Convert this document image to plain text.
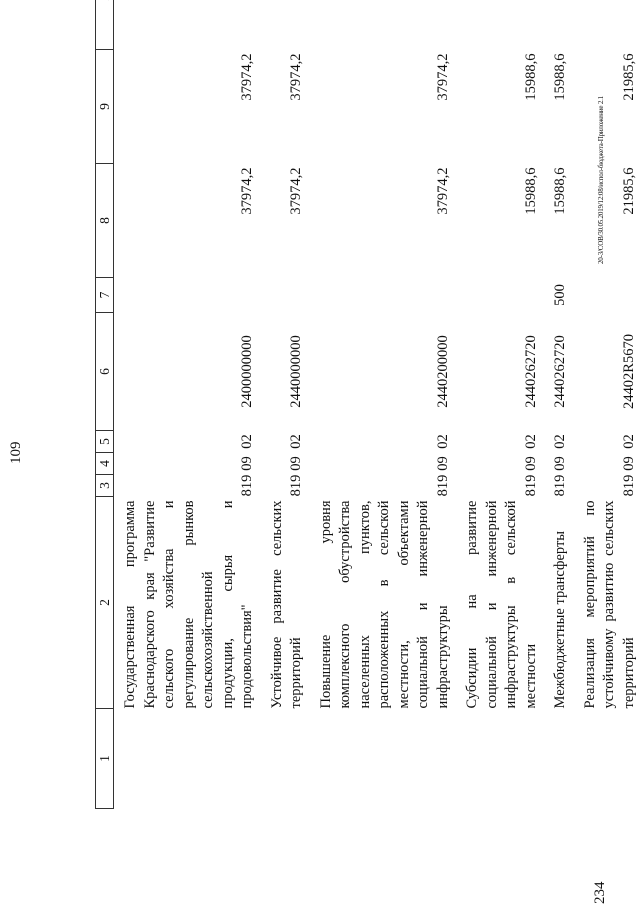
109
1	2	3	4	5	6	7	8	9		
	Государственная программа Краснодарского края "Развитие сельского хозяйства и регулирование рынков сельскохозяйственной продукции, сырья и продовольствия"	819	09	02	2400000000		37974,2	37974,2		
	Устойчивое развитие сельских территорий	819	09	02	2440000000		37974,2	37974,2		
	Повышение уровня комплексного обустройства населенных пунктов, расположенных в сельской местности, объектами социальной и инженерной инфраструктуры	819	09	02	2440200000		37974,2	37974,2		
	Субсидии на развитие социальной и инженерной инфраструктуры в сельской местности	819	09	02	2440262720		15988,6	15988,6		
	Межбюджетные трансферты	819	09	02	2440262720	500	15988,6	15988,6		
	Реализация мероприятий по устойчивому развитию сельских территорий	819	09	02	24402R5670		21985,6	21985,6		
20-3/СОВ/30.05.2019/12:08/испол-бюджета-Приложение 2.1
234
